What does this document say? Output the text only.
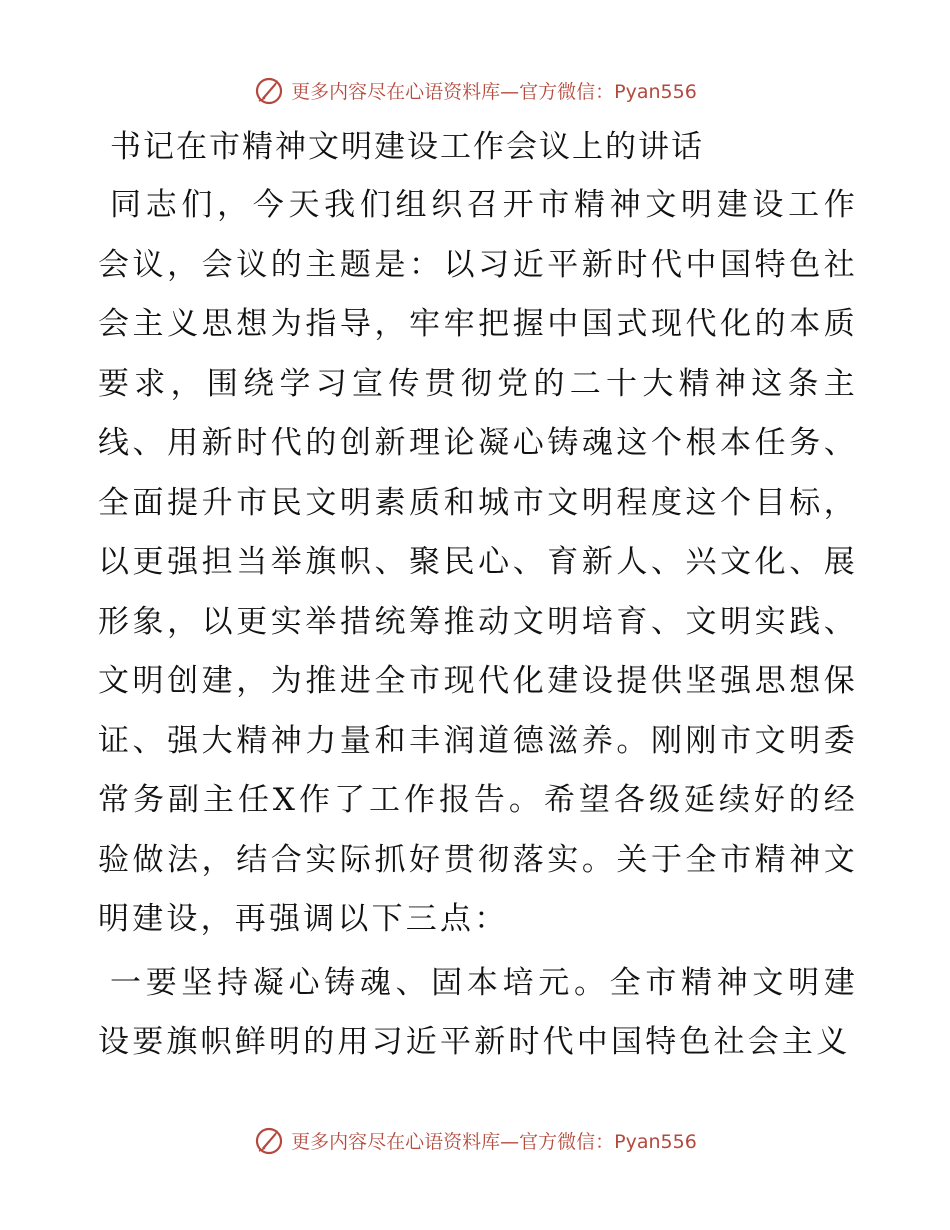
更多内容尽在心语资料库—官方微信：Pyan556
书记在市精神文明建设工作会议上的讲话

同志们，今天我们组织召开市精神文明建设工作会议，会议的主题是：以习近平新时代中国特色社会主义思想为指导，牢牢把握中国式现代化的本质要求，围绕学习宣传贯彻党的二十大精神这条主线、用新时代的创新理论凝心铸魂这个根本任务、全面提升市民文明素质和城市文明程度这个目标，以更强担当举旗帜、聚民心、育新人、兴文化、展形象，以更实举措统筹推动文明培育、文明实践、文明创建，为推进全市现代化建设提供坚强思想保证、强大精神力量和丰润道德滋养。刚刚市文明委常务副主任X作了工作报告。希望各级延续好的经验做法，结合实际抓好贯彻落实。关于全市精神文明建设，再强调以下三点：

一要坚持凝心铸魂、固本培元。全市精神文明建设要旗帜鲜明的用习近平新时代中国特色社会主义

更多内容尽在心语资料库—官方微信：Pyan556
